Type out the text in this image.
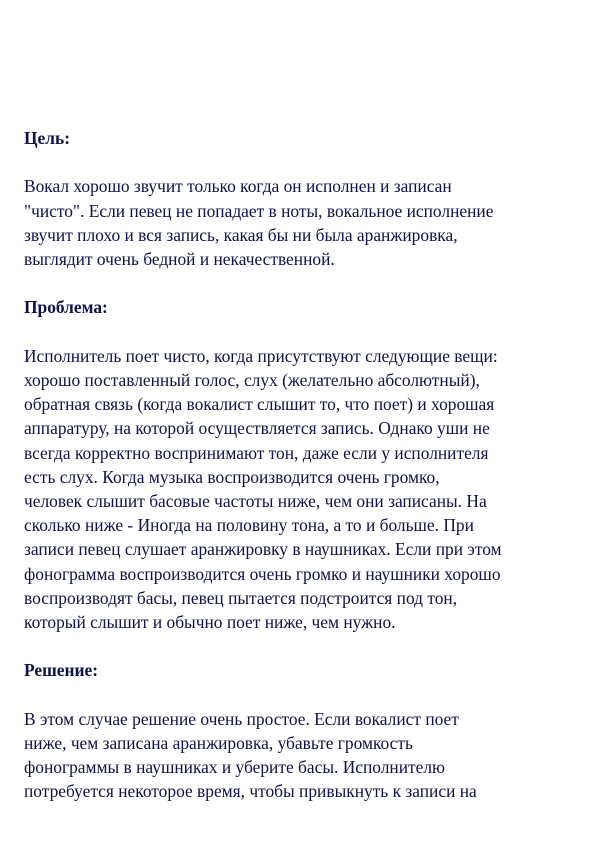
Цель:

Вокал хорошо звучит только когда он исполнен и записан
"чисто". Если певец не попадает в ноты, вокальное исполнение
звучит плохо и вся запись, какая бы ни была аранжировка,
выглядит очень бедной и некачественной.

Проблема:

Исполнитель поет чисто, когда присутствуют следующие вещи:
хорошо поставленный голос, слух (желательно абсолютный),
обратная связь (когда вокалист слышит то, что поет) и хорошая
аппаратуру, на которой осуществляется запись. Однако уши не
всегда корректно воспринимают тон, даже если у исполнителя
есть слух. Когда музыка воспроизводится очень громко,
человек слышит басовые частоты ниже, чем они записаны. На
сколько ниже - Иногда на половину тона, а то и больше. При
записи певец слушает аранжировку в наушниках. Если при этом
фонограмма воспроизводится очень громко и наушники хорошо
воспроизводят басы, певец пытается подстроится под тон,
который слышит и обычно поет ниже, чем нужно.

Решение:

В этом случае решение очень простое. Если вокалист поет
ниже, чем записана аранжировка, убавьте громкость
фонограммы в наушниках и уберите басы. Исполнителю
потребуется некоторое время, чтобы привыкнуть к записи на
